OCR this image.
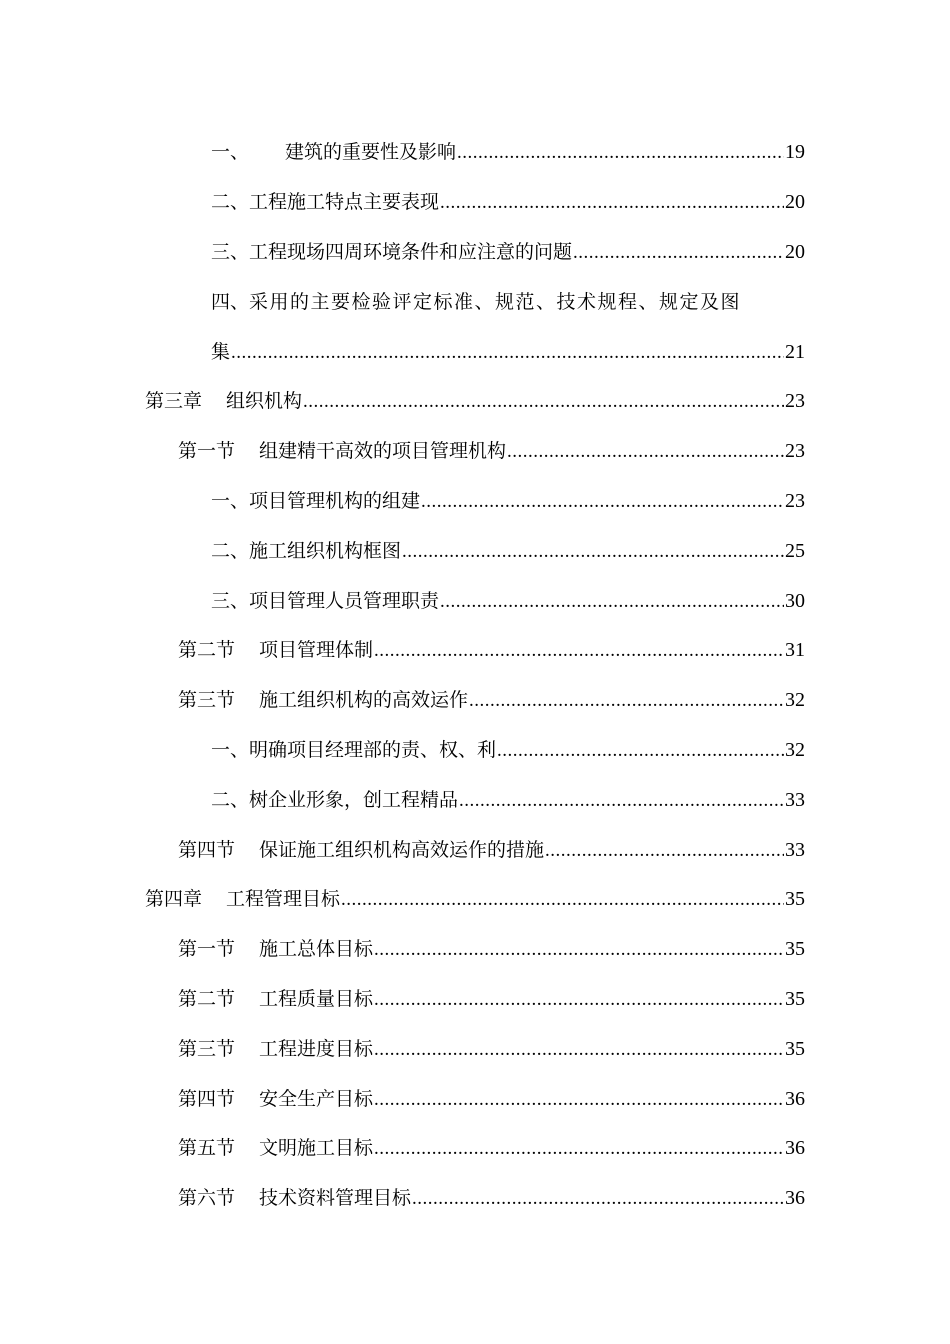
一、 建筑的重要性及影响 .....	19
二、 工程施工特点主要表现 .....	20
三、 工程现场四周环境条件和应注意的问题 .....	20
四、 采用的主要检验评定标准、规范、技术规程、规定及图
集 .....	21
第三章 组织机构 .....	23
第一节 组建精干高效的项目管理机构 .....	23
一、 项目管理机构的组建 .....	23
二、 施工组织机构框图 .....	25
三、 项目管理人员管理职责 .....	30
第二节 项目管理体制 .....	31
第三节 施工组织机构的高效运作 .....	32
一、 明确项目经理部的责、权、利 .....	32
二、 树企业形象，创工程精品 .....	33
第四节 保证施工组织机构高效运作的措施 .....	33
第四章 工程管理目标 .....	35
第一节 施工总体目标 .....	35
第二节 工程质量目标 .....	35
第三节 工程进度目标 .....	35
第四节 安全生产目标 .....	36
第五节 文明施工目标 .....	36
第六节 技术资料管理目标 .....	36
